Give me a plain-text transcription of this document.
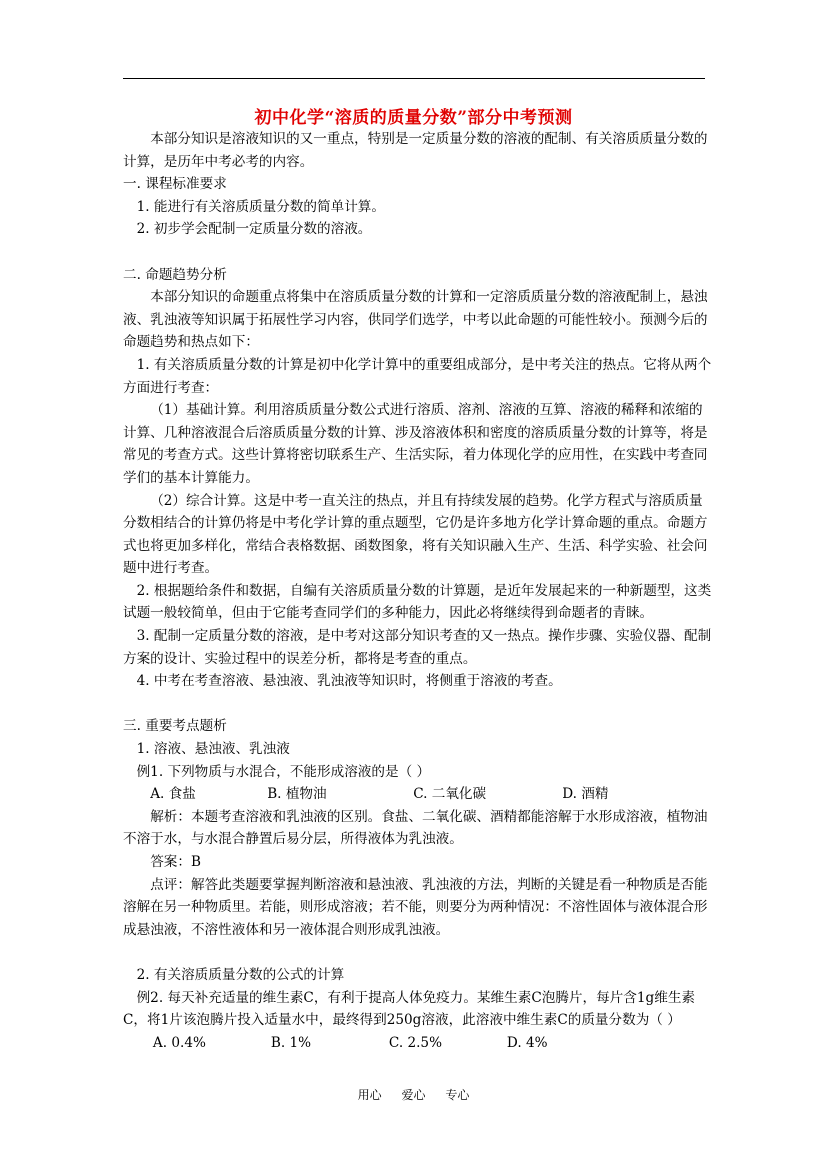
初中化学“溶质的质量分数”部分中考预测

本部分知识是溶液知识的又一重点，特别是一定质量分数的溶液的配制、有关溶质质量分数的计算，是历年中考必考的内容。

一. 课程标准要求

1. 能进行有关溶质质量分数的简单计算。

2. 初步学会配制一定质量分数的溶液。

二. 命题趋势分析

本部分知识的命题重点将集中在溶质质量分数的计算和一定溶质质量分数的溶液配制上，悬浊液、乳浊液等知识属于拓展性学习内容，供同学们选学，中考以此命题的可能性较小。预测今后的命题趋势和热点如下：

1. 有关溶质质量分数的计算是初中化学计算中的重要组成部分，是中考关注的热点。它将从两个方面进行考查：

（1）基础计算。利用溶质质量分数公式进行溶质、溶剂、溶液的互算、溶液的稀释和浓缩的计算、几种溶液混合后溶质质量分数的计算、涉及溶液体积和密度的溶质质量分数的计算等，将是常见的考查方式。这些计算将密切联系生产、生活实际，着力体现化学的应用性，在实践中考查同学们的基本计算能力。

（2）综合计算。这是中考一直关注的热点，并且有持续发展的趋势。化学方程式与溶质质量分数相结合的计算仍将是中考化学计算的重点题型，它仍是许多地方化学计算命题的重点。命题方式也将更加多样化，常结合表格数据、函数图象，将有关知识融入生产、生活、科学实验、社会问题中进行考查。

2. 根据题给条件和数据，自编有关溶质质量分数的计算题，是近年发展起来的一种新题型，这类试题一般较简单，但由于它能考查同学们的多种能力，因此必将继续得到命题者的青睐。

3. 配制一定质量分数的溶液，是中考对这部分知识考查的又一热点。操作步骤、实验仪器、配制方案的设计、实验过程中的误差分析，都将是考查的重点。

4. 中考在考查溶液、悬浊液、乳浊液等知识时，将侧重于溶液的考查。

三. 重要考点题析

1. 溶液、悬浊液、乳浊液

例1. 下列物质与水混合，不能形成溶液的是（ ）

A. 食盐	B. 植物油	C. 二氧化碳	D. 酒精

解析：本题考查溶液和乳浊液的区别。食盐、二氧化碳、酒精都能溶解于水形成溶液，植物油不溶于水，与水混合静置后易分层，所得液体为乳浊液。

答案：B

点评：解答此类题要掌握判断溶液和悬浊液、乳浊液的方法，判断的关键是看一种物质是否能溶解在另一种物质里。若能，则形成溶液；若不能，则要分为两种情况：不溶性固体与液体混合形成悬浊液，不溶性液体和另一液体混合则形成乳浊液。

2. 有关溶质质量分数的公式的计算

例2. 每天补充适量的维生素C，有利于提高人体免疫力。某维生素C泡腾片，每片含1g维生素C，将1片该泡腾片投入适量水中，最终得到250g溶液，此溶液中维生素C的质量分数为（ ）

A. 0.4%	B. 1%	C. 2.5%	D. 4%
用心 爱心 专心
